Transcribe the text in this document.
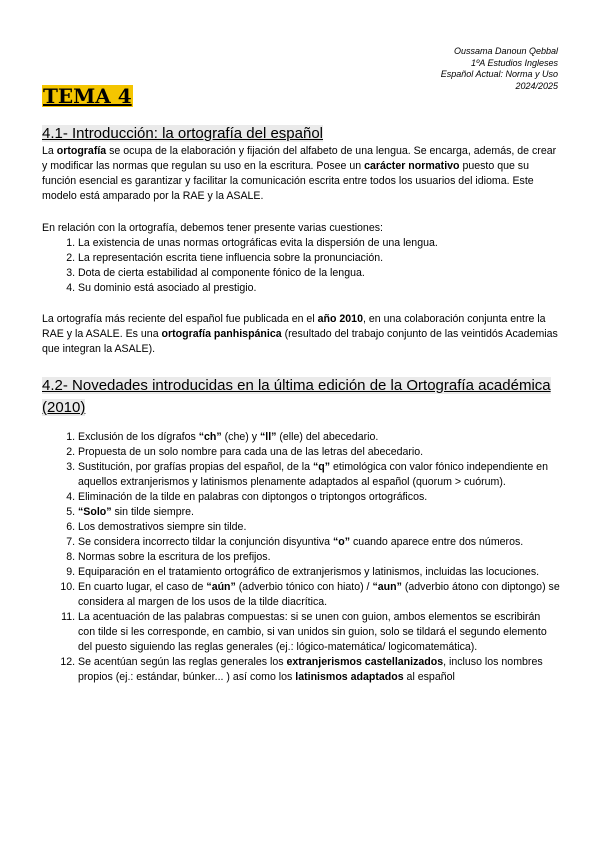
Oussama Danoun Qebbal
1ºA Estudios Ingleses
Español Actual: Norma y Uso
2024/2025
TEMA 4
4.1- Introducción: la ortografía del español

La ortografía se ocupa de la elaboración y fijación del alfabeto de una lengua. Se encarga, además, de crear y modificar las normas que regulan su uso en la escritura. Posee un carácter normativo puesto que su función esencial es garantizar y facilitar la comunicación escrita entre todos los usuarios del idioma. Este modelo está amparado por la RAE y la ASALE.

En relación con la ortografía, debemos tener presente varias cuestiones:

1. La existencia de unas normas ortográficas evita la dispersión de una lengua.
2. La representación escrita tiene influencia sobre la pronunciación.
3. Dota de cierta estabilidad al componente fónico de la lengua.
4. Su dominio está asociado al prestigio.

La ortografía más reciente del español fue publicada en el año 2010, en una colaboración conjunta entre la RAE y la ASALE. Es una ortografía panhispánica (resultado del trabajo conjunto de las veintidós Academias que integran la ASALE).

4.2- Novedades introducidas en la última edición de la Ortografía académica (2010)
1. Exclusión de los dígrafos “ch” (che) y “ll” (elle) del abecedario.
2. Propuesta de un solo nombre para cada una de las letras del abecedario.
3. Sustitución, por grafías propias del español, de la “q” etimológica con valor fónico independiente en aquellos extranjerismos y latinismos plenamente adaptados al español (quorum > cuórum).
4. Eliminación de la tilde en palabras con diptongos o triptongos ortográficos.
5. “Solo” sin tilde siempre.
6. Los demostrativos siempre sin tilde.
7. Se considera incorrecto tildar la conjunción disyuntiva “o” cuando aparece entre dos números.
8. Normas sobre la escritura de los prefijos.
9. Equiparación en el tratamiento ortográfico de extranjerismos y latinismos, incluidas las locuciones.
10. En cuarto lugar, el caso de “aún” (adverbio tónico con hiato) / “aun” (adverbio átono con diptongo) se considera al margen de los usos de la tilde diacrítica.
11. La acentuación de las palabras compuestas: si se unen con guion, ambos elementos se escribirán con tilde si les corresponde, en cambio, si van unidos sin guion, solo se tildará el segundo elemento del puesto siguiendo las reglas generales (ej.: lógico-matemática/ logicomatemática).
12. Se acentúan según las reglas generales los extranjerismos castellanizados, incluso los nombres propios (ej.: estándar, búnker... ) así como los latinismos adaptados al español
